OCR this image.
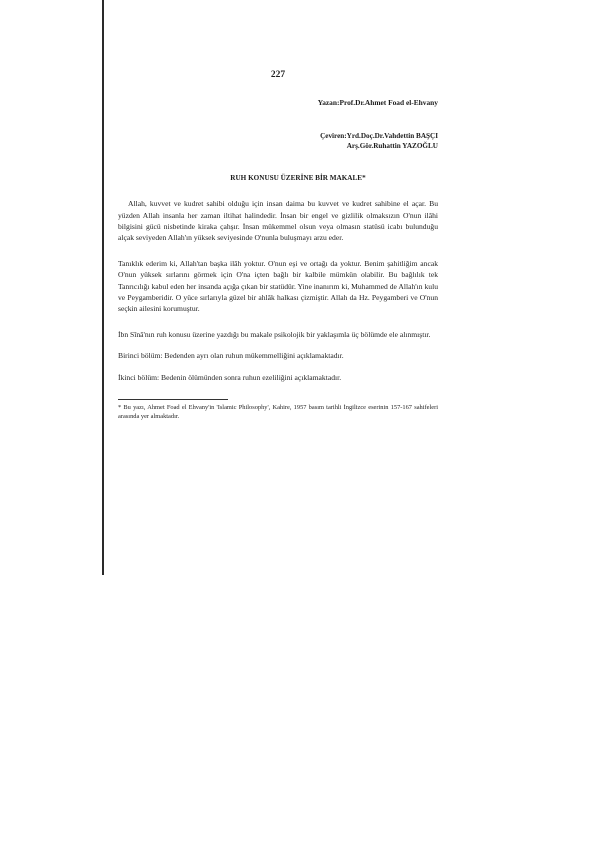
227
Yazan:Prof.Dr.Ahmet Foad el-Ehvany
Çeviren:Yrd.Doç.Dr.Vahdettin BAŞÇI
Arş.Gör.Ruhattin YAZOĞLU
RUH KONUSU ÜZERİNE BİR MAKALE*

Allah, kuvvet ve kudret sahibi olduğu için insan daima bu kuvvet ve kudret sahibine el açar. Bu yüzden Allah insanla her zaman iltihat halindedir. İnsan bir engel ve gizlilik olmaksızın O'nun ilâhi bilgisini gücü nisbetinde kiraka çahşır. İnsan mükemmel olsun veya olmasın statüsü icabı bulunduğu alçak seviyeden Allah'ın yüksek seviyesinde O'nunla buluşmayı arzu eder.

Tanıklık ederim ki, Allah'tan başka ilâh yoktur. O'nun eşi ve ortağı da yoktur. Benim şahitliğim ancak O'nun yüksek sırlarını görmek için O'na içten bağlı bir kalbile mümkün olabilir. Bu bağlılık tek Tanrıcılığı kabul eden her insanda açığa çıkan bir statüdür. Yine inanırım ki, Muhammed de Allah'ın kulu ve Peygamberidir. O yüce sırlarıyla güzel bir ahlâk halkası çizmiştir. Allah da Hz. Peygamberi ve O'nun seçkin ailesini korumuştur.

İbn Sînâ'nın ruh konusu üzerine yazdığı bu makale psikolojik bir yaklaşımla üç bölümde ele alınmıştır.

Birinci bölüm: Bedenden ayrı olan ruhun mükemmelliğini açıklamaktadır.

İkinci bölüm: Bedenin ölümünden sonra ruhun ezeliliğini açıklamaktadır.

* Bu yazı, Ahmet Foad el Ehvany'in 'Islamic Philosophy', Kahire, 1957 basım tarihli İngilizce eserinin 157-167 sahifeleri arasında yer almaktadır.
